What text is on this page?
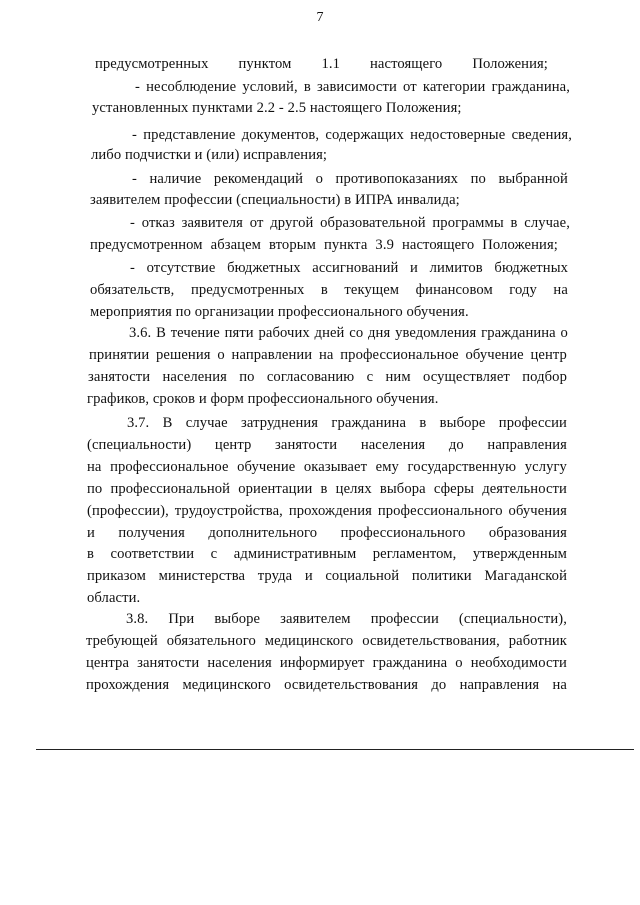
7
предусмотренных пунктом 1.1 настоящего Положения;
- несоблюдение условий, в зависимости от категории гражданина,
установленных пунктами 2.2 - 2.5 настоящего Положения;
- представление документов, содержащих недостоверные сведения,
либо подчистки и (или) исправления;
- наличие рекомендаций о противопоказаниях по выбранной
заявителем профессии (специальности) в ИПРА инвалида;
- отказ заявителя от другой образовательной программы в случае,
предусмотренном абзацем вторым пункта 3.9 настоящего Положения;
- отсутствие бюджетных ассигнований и лимитов бюджетных
обязательств, предусмотренных в текущем финансовом году на
мероприятия по организации профессионального обучения.
3.6. В течение пяти рабочих дней со дня уведомления гражданина о
принятии решения о направлении на профессиональное обучение центр
занятости населения по согласованию с ним осуществляет подбор
графиков, сроков и форм профессионального обучения.
3.7. В случае затруднения гражданина в выборе профессии
(специальности) центр занятости населения до направления
на профессиональное обучение оказывает ему государственную услугу
по профессиональной ориентации в целях выбора сферы деятельности
(профессии), трудоустройства, прохождения профессионального обучения
и получения дополнительного профессионального образования
в соответствии с административным регламентом, утвержденным
приказом министерства труда и социальной политики Магаданской
области.
3.8. При выборе заявителем профессии (специальности),
требующей обязательного медицинского освидетельствования, работник
центра занятости населения информирует гражданина о необходимости
прохождения медицинского освидетельствования до направления на
